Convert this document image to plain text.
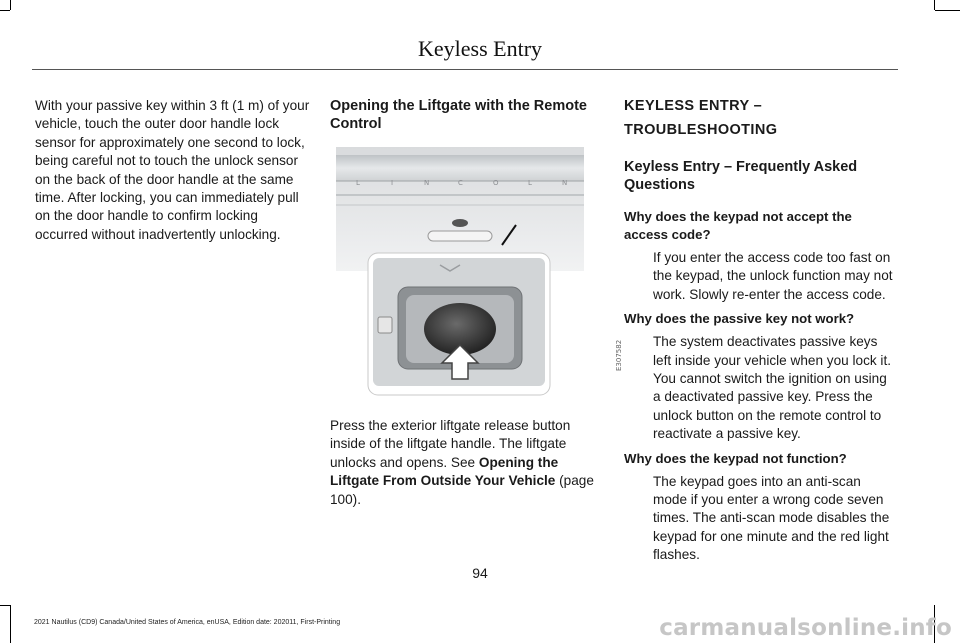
Keyless Entry

With your passive key within 3 ft (1 m) of your vehicle, touch the outer door handle lock sensor for approximately one second to lock, being careful not to touch the unlock sensor on the back of the door handle at the same time. After locking, you can immediately pull on the door handle to confirm locking occurred without inadvertently unlocking.

Opening the Liftgate with the Remote Control

L	I	N	C	O	L	N
E307582

Press the exterior liftgate release button inside of the liftgate handle. The liftgate unlocks and opens. See Opening the Liftgate From Outside Your Vehicle (page 100).

KEYLESS ENTRY –
TROUBLESHOOTING

Keyless Entry – Frequently Asked Questions

Why does the keypad not accept the access code?

If you enter the access code too fast on the keypad, the unlock function may not work. Slowly re-enter the access code.

Why does the passive key not work?

The system deactivates passive keys left inside your vehicle when you lock it. You cannot switch the ignition on using a deactivated passive key. Press the unlock button on the remote control to reactivate a passive key.

Why does the keypad not function?

The keypad goes into an anti-scan mode if you enter a wrong code seven times. The anti-scan mode disables the keypad for one minute and the red light flashes.

94
2021 Nautilus (CD9) Canada/United States of America, enUSA, Edition date: 202011, First-Printing	carmanualsonline.info
